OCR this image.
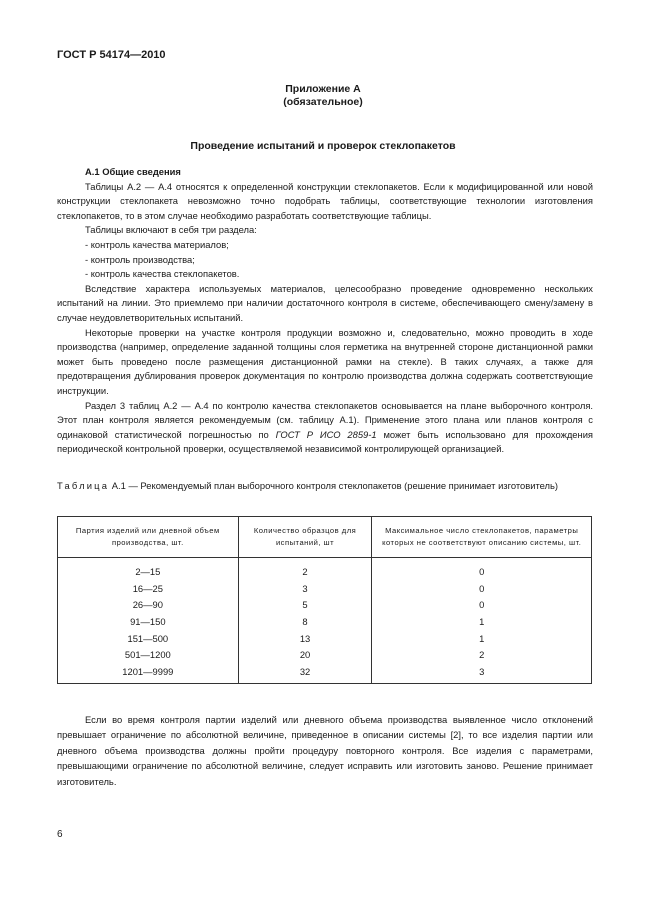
ГОСТ Р 54174—2010
Приложение А
(обязательное)
Проведение испытаний и проверок стеклопакетов

А.1 Общие сведения

Таблицы А.2 — А.4 относятся к определенной конструкции стеклопакетов. Если к модифицированной или новой конструкции стеклопакета невозможно точно подобрать таблицы, соответствующие технологии изготовления стеклопакетов, то в этом случае необходимо разработать соответствующие таблицы.

Таблицы включают в себя три раздела:

- контроль качества материалов;

- контроль производства;

- контроль качества стеклопакетов.

Вследствие характера используемых материалов, целесообразно проведение одновременно нескольких испытаний на линии. Это приемлемо при наличии достаточного контроля в системе, обеспечивающего смену/замену в случае неудовлетворительных испытаний.

Некоторые проверки на участке контроля продукции возможно и, следовательно, можно проводить в ходе производства (например, определение заданной толщины слоя герметика на внутренней стороне дистанционной рамки может быть проведено после размещения дистанционной рамки на стекле). В таких случаях, а также для предотвращения дублирования проверок документация по контролю производства должна содержать соответствующие инструкции.

Раздел 3 таблиц А.2 — А.4 по контролю качества стеклопакетов основывается на плане выборочного контроля. Этот план контроля является рекомендуемым (см. таблицу А.1). Применение этого плана или планов контроля с одинаковой статистической погрешностью по ГОСТ Р ИСО 2859-1 может быть использовано для прохождения периодической контрольной проверки, осуществляемой независимой контролирующей организацией.

Таблица А.1 — Рекомендуемый план выборочного контроля стеклопакетов (решение принимает изготовитель)
Партия изделий или дневной объем производства, шт.	Количество образцов для испытаний, шт	Максимальное число стеклопакетов, параметры которых не соответствуют описанию системы, шт.

2—15	2	0
16—25	3	0
26—90	5	0
91—150	8	1
151—500	13	1
501—1200	20	2
1201—9999	32	3

Если во время контроля партии изделий или дневного объема производства выявленное число отклонений превышает ограничение по абсолютной величине, приведенное в описании системы [2], то все изделия партии или дневного объема производства должны пройти процедуру повторного контроля. Все изделия с параметрами, превышающими ограничение по абсолютной величине, следует исправить или изготовить заново. Решение принимает изготовитель.

6
